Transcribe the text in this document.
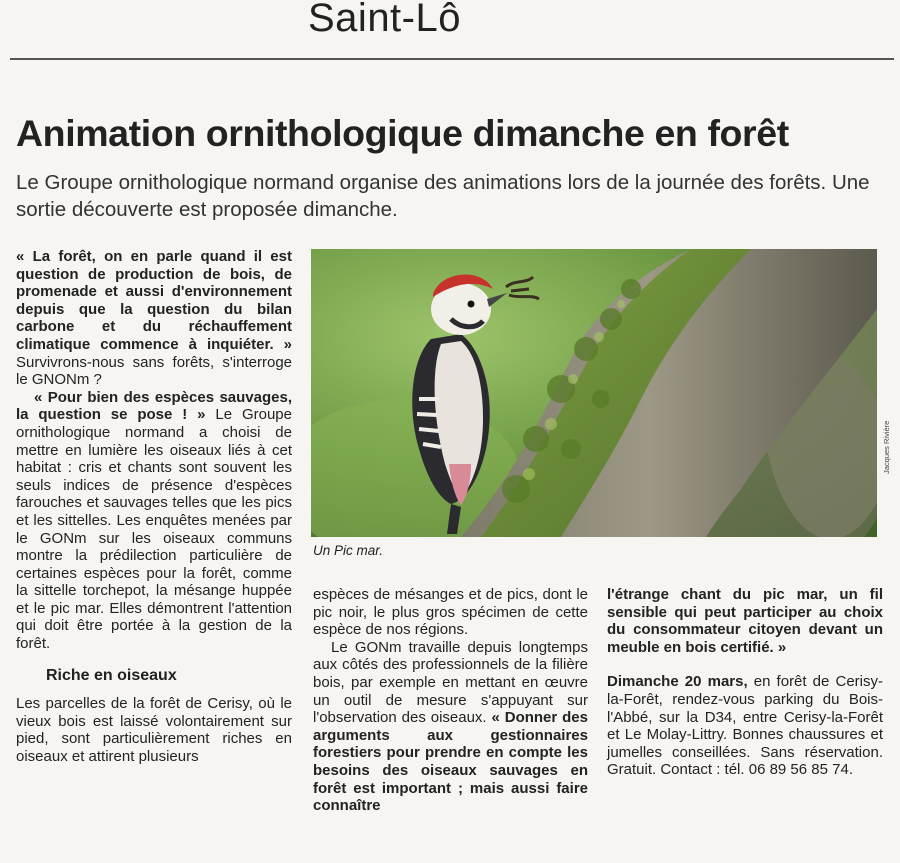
Saint-Lô
Animation ornithologique dimanche en forêt
Le Groupe ornithologique normand organise des animations lors de la journée des forêts. Une sortie découverte est proposée dimanche.

« La forêt, on en parle quand il est question de production de bois, de promenade et aussi d'environnement depuis que la question du bilan carbone et du réchauffement climatique commence à inquiéter. » Survivrons-nous sans forêts, s'interroge le GNONm ?

« Pour bien des espèces sauvages, la question se pose ! » Le Groupe ornithologique normand a choisi de mettre en lumière les oiseaux liés à cet habitat : cris et chants sont souvent les seuls indices de présence d'espèces farouches et sauvages telles que les pics et les sittelles. Les enquêtes menées par le GONm sur les oiseaux communs montre la prédilection particulière de certaines espèces pour la forêt, comme la sittelle torchepot, la mésange huppée et le pic mar. Elles démontrent l'attention qui doit être portée à la gestion de la forêt.

Riche en oiseaux

Les parcelles de la forêt de Cerisy, où le vieux bois est laissé volontairement sur pied, sont particulièrement riches en oiseaux et attirent plusieurs

Jacques Rivière
Un Pic mar.

espèces de mésanges et de pics, dont le pic noir, le plus gros spécimen de cette espèce de nos régions.

Le GONm travaille depuis longtemps aux côtés des professionnels de la filière bois, par exemple en mettant en œuvre un outil de mesure s'appuyant sur l'observation des oiseaux. « Donner des arguments aux gestionnaires forestiers pour prendre en compte les besoins des oiseaux sauvages en forêt est important ; mais aussi faire connaître

l'étrange chant du pic mar, un fil sensible qui peut participer au choix du consommateur citoyen devant un meuble en bois certifié. »

Dimanche 20 mars, en forêt de Cerisy-la-Forêt, rendez-vous parking du Bois-l'Abbé, sur la D34, entre Cerisy-la-Forêt et Le Molay-Littry. Bonnes chaussures et jumelles conseillées. Sans réservation. Gratuit. Contact : tél. 06 89 56 85 74.
